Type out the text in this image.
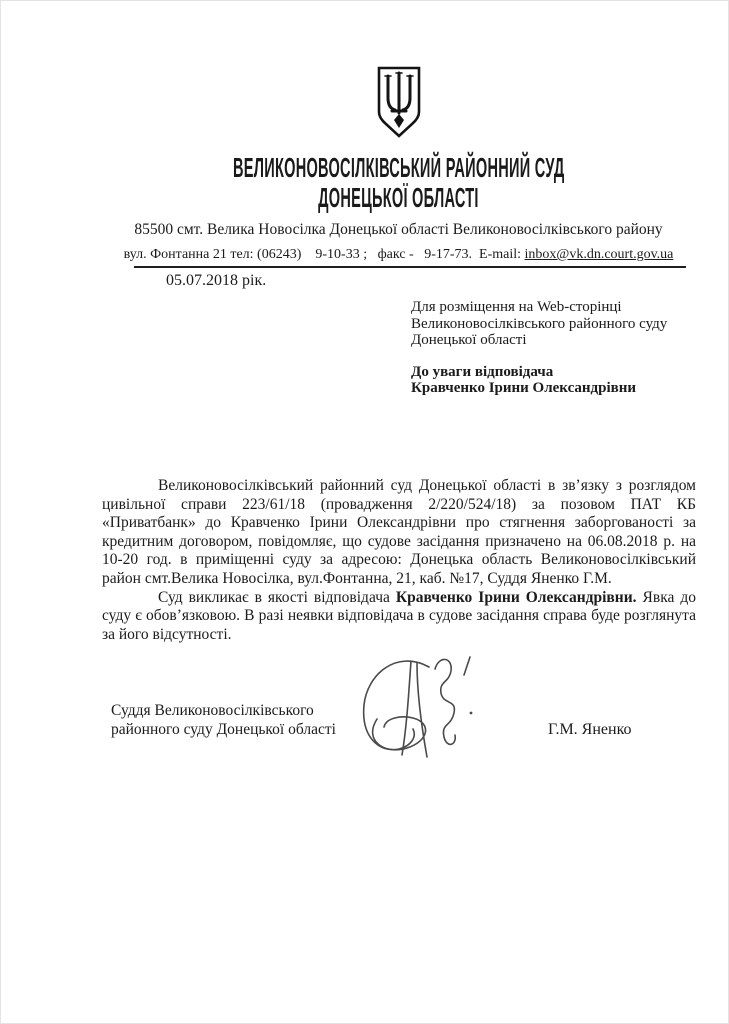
ВЕЛИКОНОВОСІЛКІВСЬКИЙ РАЙОННИЙ СУД
ДОНЕЦЬКОЇ ОБЛАСТІ
85500 смт. Велика Новосілка Донецької області Великоновосілківського району
вул. Фонтанна 21 тел: (06243)    9-10-33 ;   факс -   9-17-73.  E-mail: inbox@vk.dn.court.gov.ua
05.07.2018 рік.
Для розміщення на Web-сторінці
Великоновосілківського районного суду
Донецької області
До уваги відповідача
Кравченко Ірини Олександрівни

Великоновосілківський районний суд Донецької області в зв’язку з розглядом цивільної справи 223/61/18 (провадження 2/220/524/18) за позовом ПАТ КБ «Приватбанк» до Кравченко Ірини Олександрівни про стягнення заборгованості за кредитним договором, повідомляє, що судове засідання призначено на 06.08.2018 р. на 10-20 год. в приміщенні суду за адресою: Донецька область Великоновосілківський район смт.Велика Новосілка, вул.Фонтанна, 21, каб. №17, Суддя Яненко Г.М.

Суд викликає в якості відповідача Кравченко Ірини Олександрівни. Явка до суду є обов’язковою. В разі неявки відповідача в судове засідання справа буде розглянута за його відсутності.

Суддя Великоновосілківського
районного суду Донецької області	Г.М. Яненко
